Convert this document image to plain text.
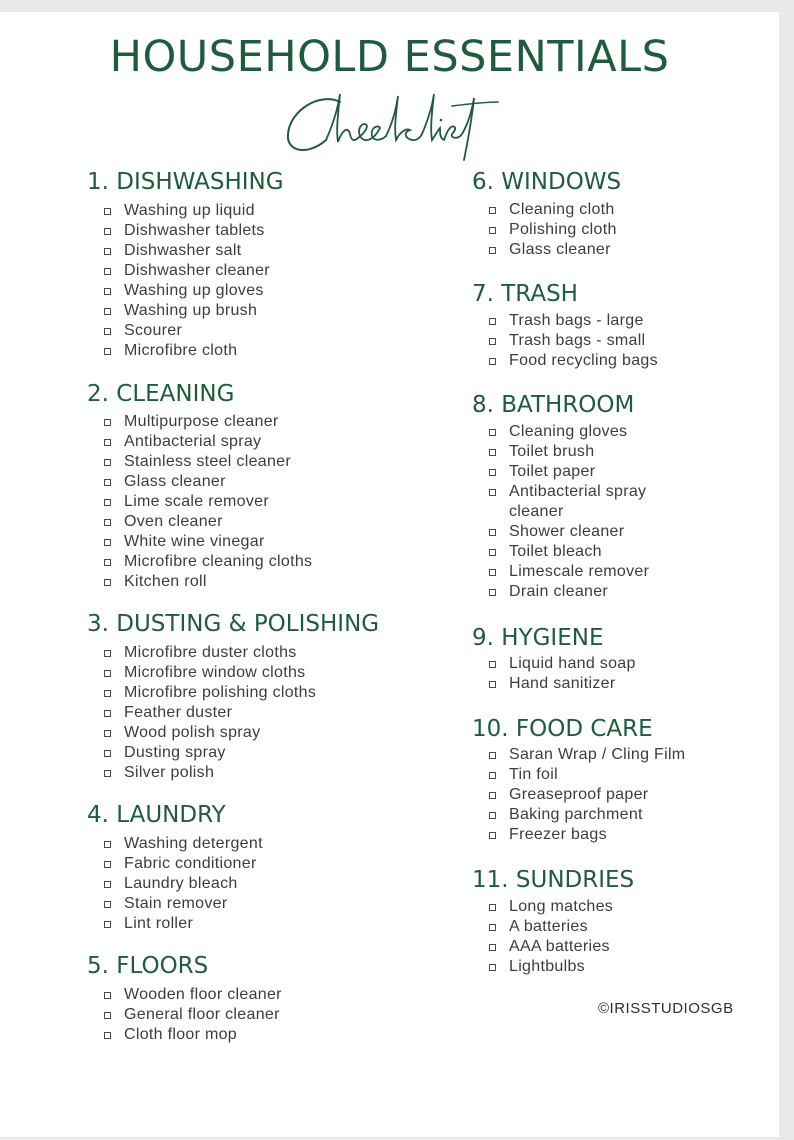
HOUSEHOLD ESSENTIALS
1. DISHWASHING
Washing up liquid
Dishwasher tablets
Dishwasher salt
Dishwasher cleaner
Washing up gloves
Washing up brush
Scourer
Microfibre cloth
2. CLEANING
Multipurpose cleaner
Antibacterial spray
Stainless steel cleaner
Glass cleaner
Lime scale remover
Oven cleaner
White wine vinegar
Microfibre cleaning cloths
Kitchen roll
3. DUSTING & POLISHING
Microfibre duster cloths
Microfibre window cloths
Microfibre polishing cloths
Feather duster
Wood polish spray
Dusting spray
Silver polish
4. LAUNDRY
Washing detergent
Fabric conditioner
Laundry bleach
Stain remover
Lint roller
5. FLOORS
Wooden floor cleaner
General floor cleaner
Cloth floor mop
6. WINDOWS
Cleaning cloth
Polishing cloth
Glass cleaner
7. TRASH
Trash bags - large
Trash bags - small
Food recycling bags
8. BATHROOM
Cleaning gloves
Toilet brush
Toilet paper
Antibacterial spray
cleaner
Shower cleaner
Toilet bleach
Limescale remover
Drain cleaner
9. HYGIENE
Liquid hand soap
Hand sanitizer
10. FOOD CARE
Saran Wrap / Cling Film
Tin foil
Greaseproof paper
Baking parchment
Freezer bags
11. SUNDRIES
Long matches
A batteries
AAA batteries
Lightbulbs
©IRISSTUDIOSGB
